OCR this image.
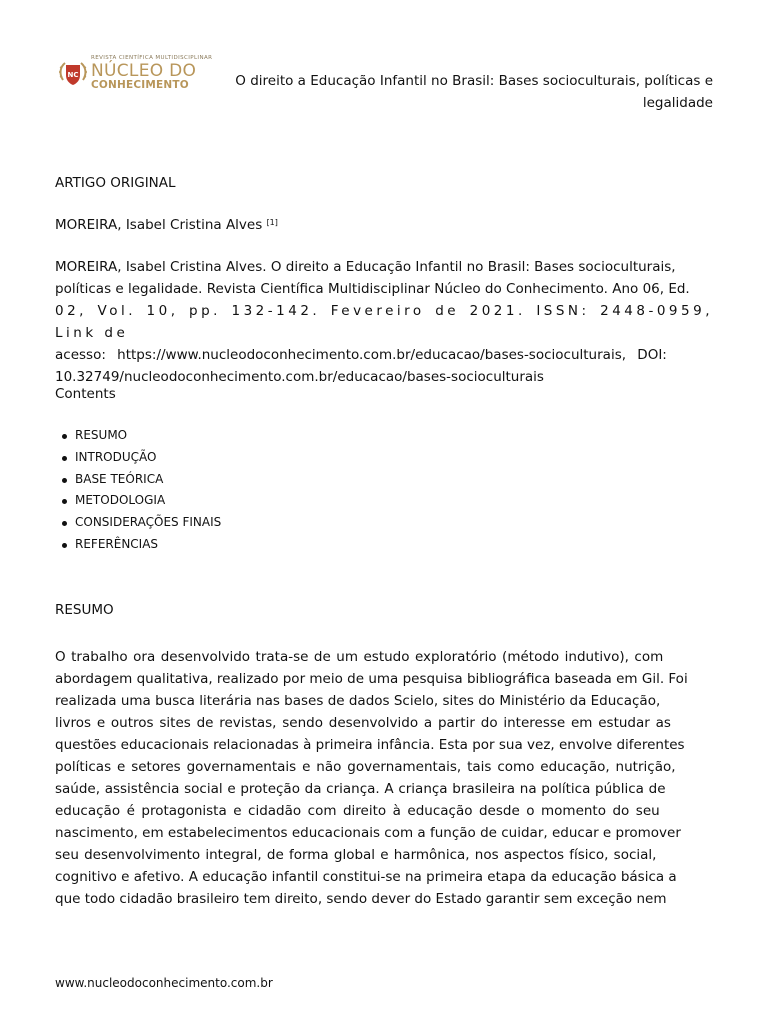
NC
REVISTA CIENTÍFICA MULTIDISCIPLINAR
NÚCLEO DO
CONHECIMENTO	O direito a Educação Infantil no Brasil: Bases socioculturais, políticas e
legalidade
ARTIGO ORIGINAL
MOREIRA, Isabel Cristina Alves [1]
MOREIRA, Isabel Cristina Alves. O direito a Educação Infantil no Brasil: Bases socioculturais,
políticas e legalidade. Revista Científica Multidisciplinar Núcleo do Conhecimento. Ano 06, Ed.
02, Vol. 10, pp. 132-142. Fevereiro de 2021. ISSN: 2448-0959, Link de
acesso: https://www.nucleodoconhecimento.com.br/educacao/bases-socioculturais, DOI:
10.32749/nucleodoconhecimento.com.br/educacao/bases-socioculturais
Contents
RESUMO
INTRODUÇÃO
BASE TEÓRICA
METODOLOGIA
CONSIDERAÇÕES FINAIS
REFERÊNCIAS
RESUMO
O trabalho ora desenvolvido trata-se de um estudo exploratório (método indutivo), com
abordagem qualitativa, realizado por meio de uma pesquisa bibliográfica baseada em Gil. Foi
realizada uma busca literária nas bases de dados Scielo, sites do Ministério da Educação,
livros e outros sites de revistas, sendo desenvolvido a partir do interesse em estudar as
questões educacionais relacionadas à primeira infância. Esta por sua vez, envolve diferentes
políticas e setores governamentais e não governamentais, tais como educação, nutrição,
saúde, assistência social e proteção da criança. A criança brasileira na política pública de
educação é protagonista e cidadão com direito à educação desde o momento do seu
nascimento, em estabelecimentos educacionais com a função de cuidar, educar e promover
seu desenvolvimento integral, de forma global e harmônica, nos aspectos físico, social,
cognitivo e afetivo. A educação infantil constitui-se na primeira etapa da educação básica a
que todo cidadão brasileiro tem direito, sendo dever do Estado garantir sem exceção nem
www.nucleodoconhecimento.com.br
